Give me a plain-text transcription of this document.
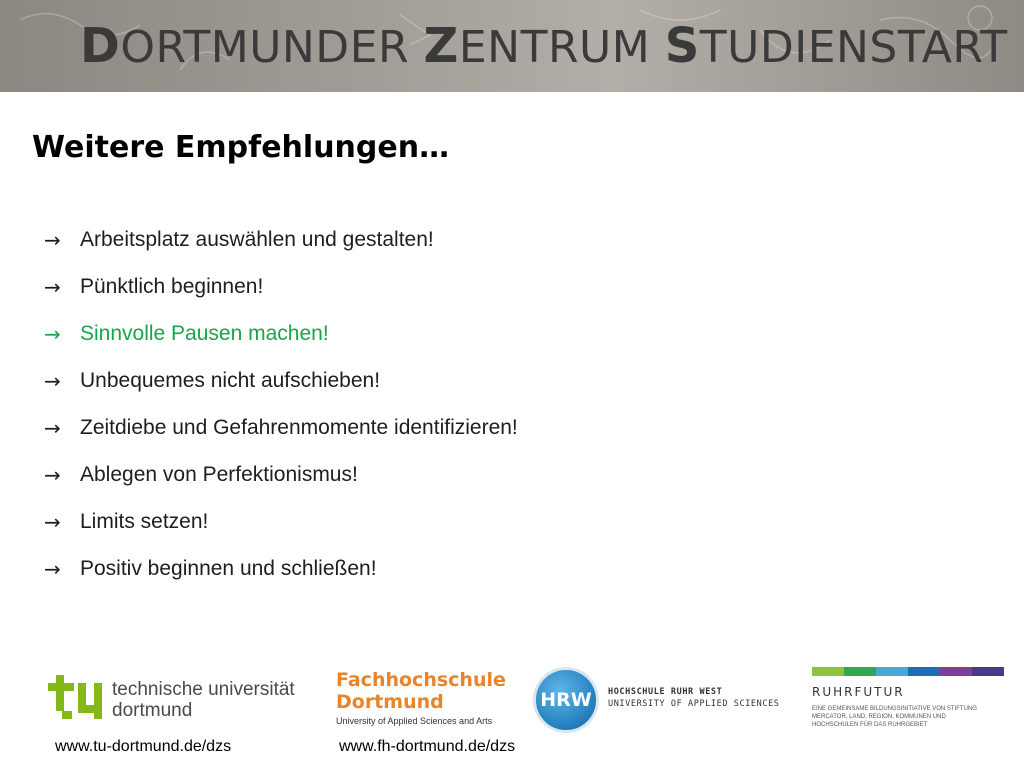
DORTMUNDER ZENTRUM STUDIENSTART
Weitere Empfehlungen…
→ Arbeitsplatz auswählen und gestalten!
→ Pünktlich beginnen!
→ Sinnvolle Pausen machen!
→ Unbequemes nicht aufschieben!
→ Zeitdiebe und Gefahrenmomente identifizieren!
→ Ablegen von Perfektionismus!
→ Limits setzen!
→ Positiv beginnen und schließen!
technische universität
dortmund
Fachhochschule
Dortmund
University of Applied Sciences and Arts
HRW HOCHSCHULE RUHR WEST
UNIVERSITY OF APPLIED SCIENCES
RUHRFUTUR
EINE GEMEINSAME BILDUNGSINITIATIVE VON STIFTUNG MERCATOR, LAND, REGION, KOMMUNEN UND HOCHSCHULEN FÜR DAS RUHRGEBIET
www.tu-dortmund.de/dzs	www.fh-dortmund.de/dzs
